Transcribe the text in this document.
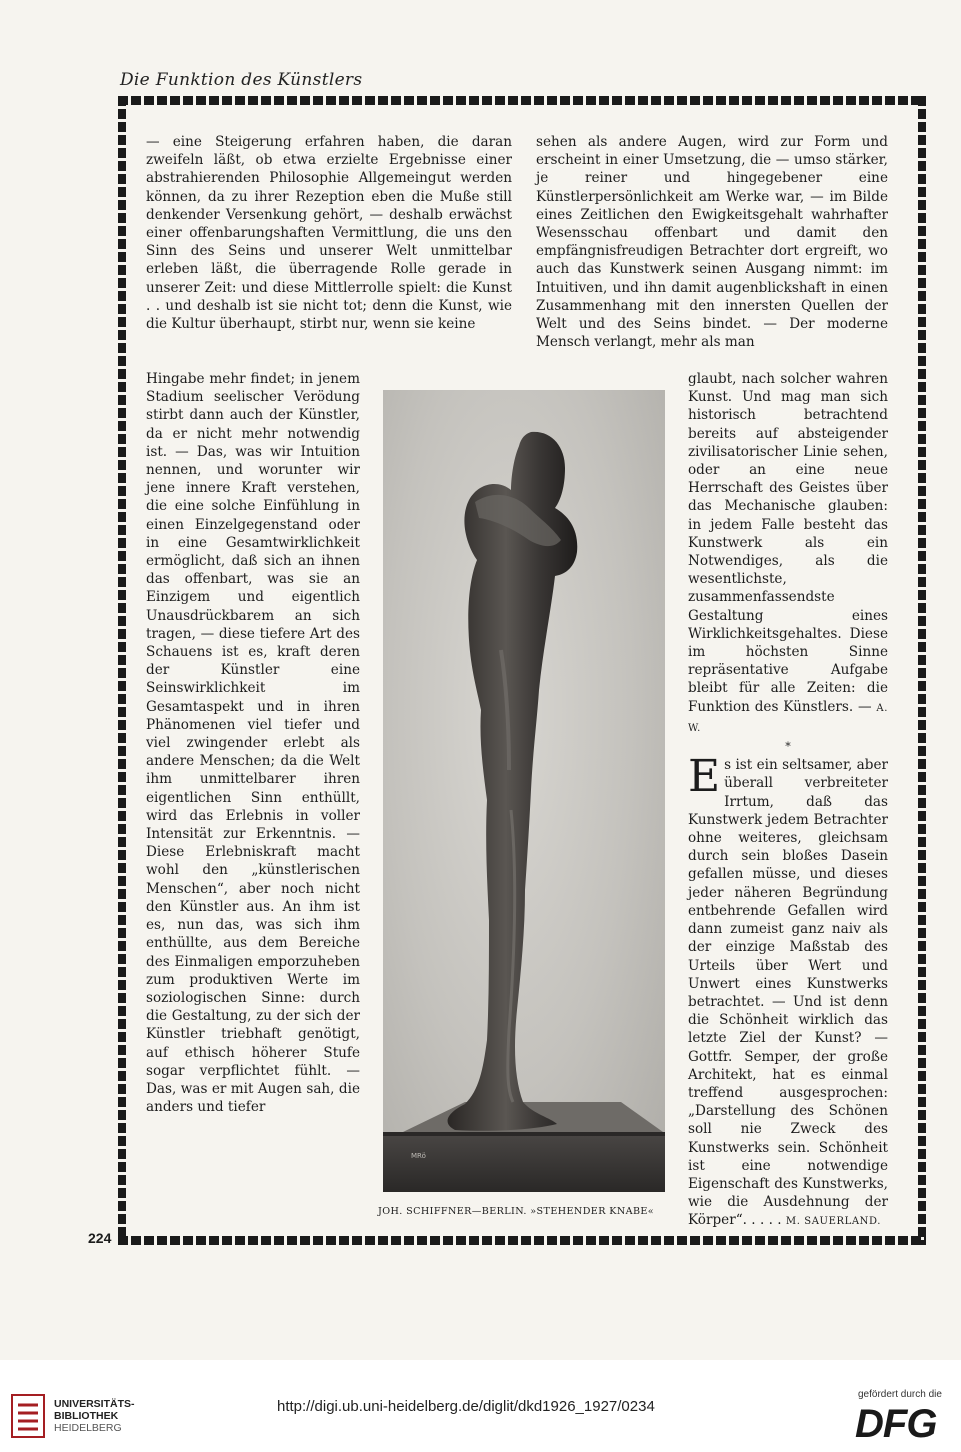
Die Funktion des Künstlers

— eine Steigerung erfahren haben, die daran zweifeln läßt, ob etwa erzielte Ergebnisse einer abstrahierenden Philosophie Allgemeingut werden können, da zu ihrer Rezeption eben die Muße still denkender Versenkung gehört, — deshalb erwächst einer offenbarungshaften Vermittlung, die uns den Sinn des Seins und unserer Welt unmittelbar erleben läßt, die überragende Rolle gerade in unserer Zeit: und diese Mittlerrolle spielt: die Kunst . . und deshalb ist sie nicht tot; denn die Kunst, wie die Kultur überhaupt, stirbt nur, wenn sie keine

Hingabe mehr findet; in jenem Stadium seelischer Verödung stirbt dann auch der Künstler, da er nicht mehr notwendig ist. — Das, was wir Intuition nennen, und worunter wir jene innere Kraft verstehen, die eine solche Einfühlung in einen Einzelgegenstand oder in eine Gesamtwirklichkeit ermöglicht, daß sich an ihnen das offenbart, was sie an Einzigem und eigentlich Unausdrückbarem an sich tragen, — diese tiefere Art des Schauens ist es, kraft deren der Künstler eine Seinswirklichkeit im Gesamtaspekt und in ihren Phänomenen viel tiefer und viel zwingender erlebt als andere Menschen; da die Welt ihm unmittelbarer ihren eigentlichen Sinn enthüllt, wird das Erlebnis in voller Intensität zur Erkenntnis. — Diese Erlebniskraft macht wohl den „künstlerischen Menschen“, aber noch nicht den Künstler aus. An ihm ist es, nun das, was sich ihm enthüllte, aus dem Bereiche des Einmaligen emporzuheben zum produktiven Werte im soziologischen Sinne: durch die Gestaltung, zu der sich der Künstler triebhaft genötigt, auf ethisch höherer Stufe sogar verpflichtet fühlt. — Das, was er mit Augen sah, die anders und tiefer

sehen als andere Augen, wird zur Form und erscheint in einer Umsetzung, die — umso stärker, je reiner und hingegebener eine Künstlerpersönlichkeit am Werke war, — im Bilde eines Zeitlichen den Ewigkeitsgehalt wahrhafter Wesensschau offenbart und damit den empfängnisfreudigen Betrachter dort ergreift, wo auch das Kunstwerk seinen Ausgang nimmt: im Intuitiven, und ihn damit augenblickshaft in einen Zusammenhang mit den innersten Quellen der Welt und des Seins bindet. — Der moderne Mensch verlangt, mehr als man

glaubt, nach solcher wahren Kunst. Und mag man sich historisch betrachtend bereits auf absteigender zivilisatorischer Linie sehen, oder an eine neue Herrschaft des Geistes über das Mechanische glauben: in jedem Falle besteht das Kunstwerk als ein Notwendiges, als die wesentlichste, zusammenfassendste Gestaltung eines Wirklichkeitsgehaltes. Diese im höchsten Sinne repräsentative Aufgabe bleibt für alle Zeiten: die Funktion des Künstlers. — A. W.

*

Es ist ein seltsamer, aber überall verbreiteter Irrtum, daß das Kunstwerk jedem Betrachter ohne weiteres, gleichsam durch sein bloßes Dasein gefallen müsse, und dieses jeder näheren Begründung entbehrende Gefallen wird dann zumeist ganz naiv als der einzige Maßstab des Urteils über Wert und Unwert eines Kunstwerks betrachtet. — Und ist denn die Schönheit wirklich das letzte Ziel der Kunst? — Gottfr. Semper, der große Architekt, hat es einmal treffend ausgesprochen: „Darstellung des Schönen soll nie Zweck des Kunstwerks sein. Schönheit ist eine notwendige Eigenschaft des Kunstwerks, wie die Ausdehnung der Körper“. . . . . M. SAUERLAND.

MRö
JOH. SCHIFFNER—BERLIN. »STEHENDER KNABE«
224
UNIVERSITÄTS-
BIBLIOTHEK
HEIDELBERG
http://digi.ub.uni-heidelberg.de/diglit/dkd1926_1927/0234
gefördert durch die
DFG
